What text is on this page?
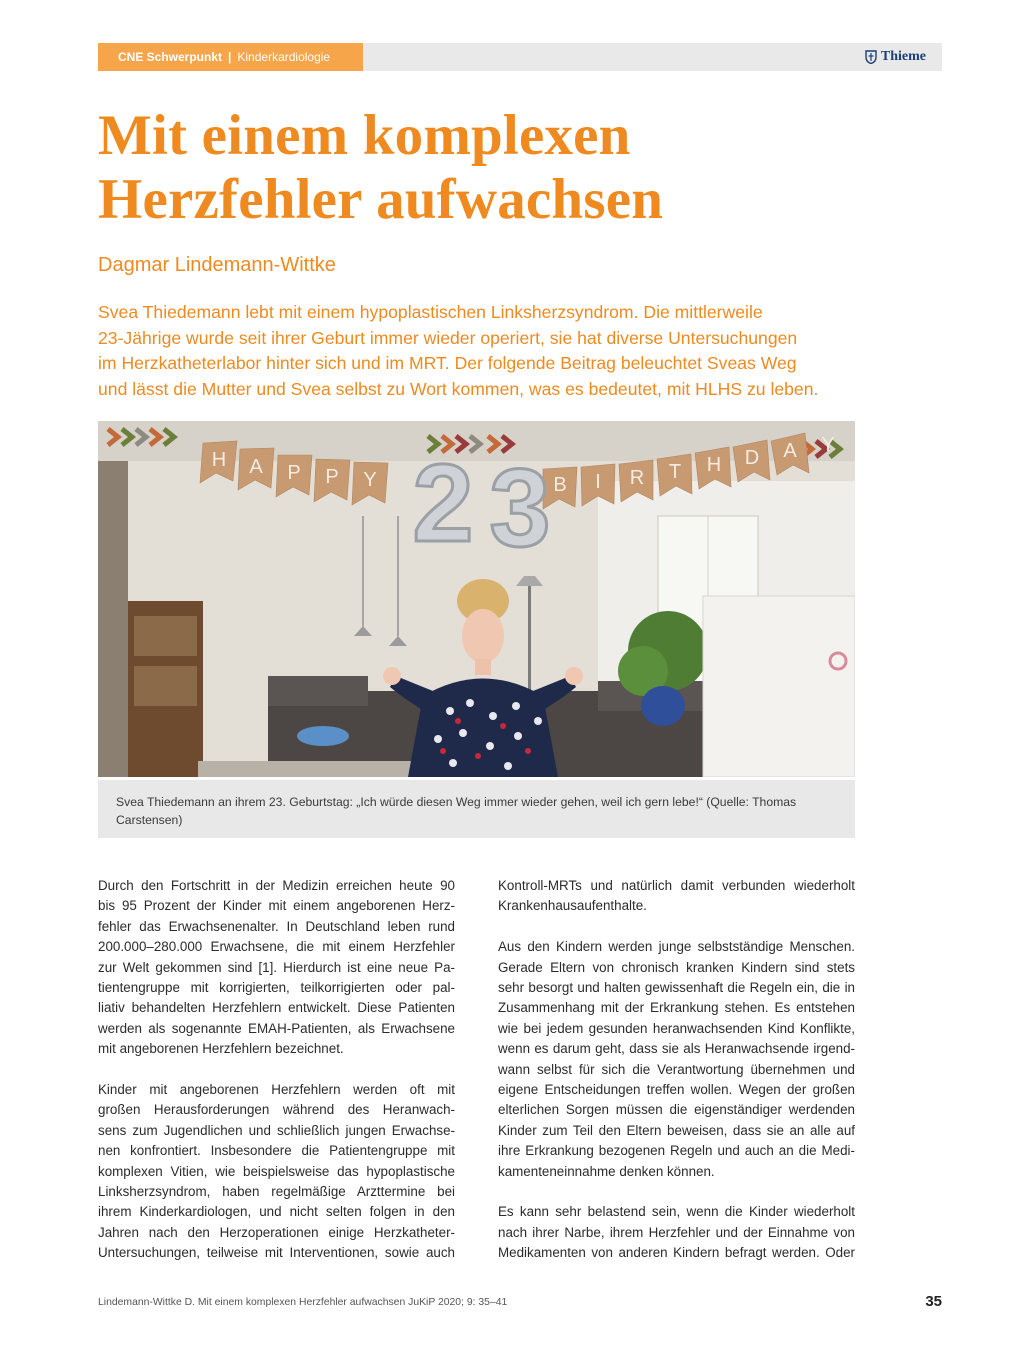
CNE Schwerpunkt | Kinderkardiologie	Thieme
Mit einem komplexen
Herzfehler aufwachsen
Dagmar Lindemann-Wittke
Svea Thiedemann lebt mit einem hypoplastischen Linksherzsyndrom. Die mittlerweile
23-Jährige wurde seit ihrer Geburt immer wieder operiert, sie hat diverse Untersuchungen
im Herzkatheterlabor hinter sich und im MRT. Der folgende Beitrag beleuchtet Sveas Weg
und lässt die Mutter und Svea selbst zu Wort kommen, was es bedeutet, mit HLHS zu leben.
H A P P Y	B I R T H D A Y
2 3
Svea Thiedemann an ihrem 23. Geburtstag: „Ich würde diesen Weg immer wieder gehen, weil ich gern lebe!“ (Quelle: Thomas
Carstensen)
Durch den Fortschritt in der Medizin erreichen heute 90
bis 95 Prozent der Kinder mit einem angeborenen Herz-
fehler das Erwachsenenalter. In Deutschland leben rund
200.000–280.000 Erwachsene, die mit einem Herzfehler
zur Welt gekommen sind [1]. Hierdurch ist eine neue Pa-
tientengruppe mit korrigierten, teilkorrigierten oder pal-
liativ behandelten Herzfehlern entwickelt. Diese Patienten
werden als sogenannte EMAH-Patienten, als Erwachsene
mit angeborenen Herzfehlern bezeichnet.
Kinder mit angeborenen Herzfehlern werden oft mit
großen Herausforderungen während des Heranwach-
sens zum Jugendlichen und schließlich jungen Erwachse-
nen konfrontiert. Insbesondere die Patientengruppe mit
komplexen Vitien, wie beispielsweise das hypoplastische
Linksherzsyndrom, haben regelmäßige Arzttermine bei
ihrem Kinderkardiologen, und nicht selten folgen in den
Jahren nach den Herzoperationen einige Herzkatheter-
Untersuchungen, teilweise mit Interventionen, sowie auch
Kontroll-MRTs und natürlich damit verbunden wiederholt
Krankenhausaufenthalte.
Aus den Kindern werden junge selbstständige Menschen.
Gerade Eltern von chronisch kranken Kindern sind stets
sehr besorgt und halten gewissenhaft die Regeln ein, die in
Zusammenhang mit der Erkrankung stehen. Es entstehen
wie bei jedem gesunden heranwachsenden Kind Konflikte,
wenn es darum geht, dass sie als Heranwachsende irgend-
wann selbst für sich die Verantwortung übernehmen und
eigene Entscheidungen treffen wollen. Wegen der großen
elterlichen Sorgen müssen die eigenständiger werdenden
Kinder zum Teil den Eltern beweisen, dass sie an alle auf
ihre Erkrankung bezogenen Regeln und auch an die Medi-
kamenteneinnahme denken können.
Es kann sehr belastend sein, wenn die Kinder wiederholt
nach ihrer Narbe, ihrem Herzfehler und der Einnahme von
Medikamenten von anderen Kindern befragt werden. Oder
Lindemann-Wittke D. Mit einem komplexen Herzfehler aufwachsen JuKiP 2020; 9: 35–41	35
